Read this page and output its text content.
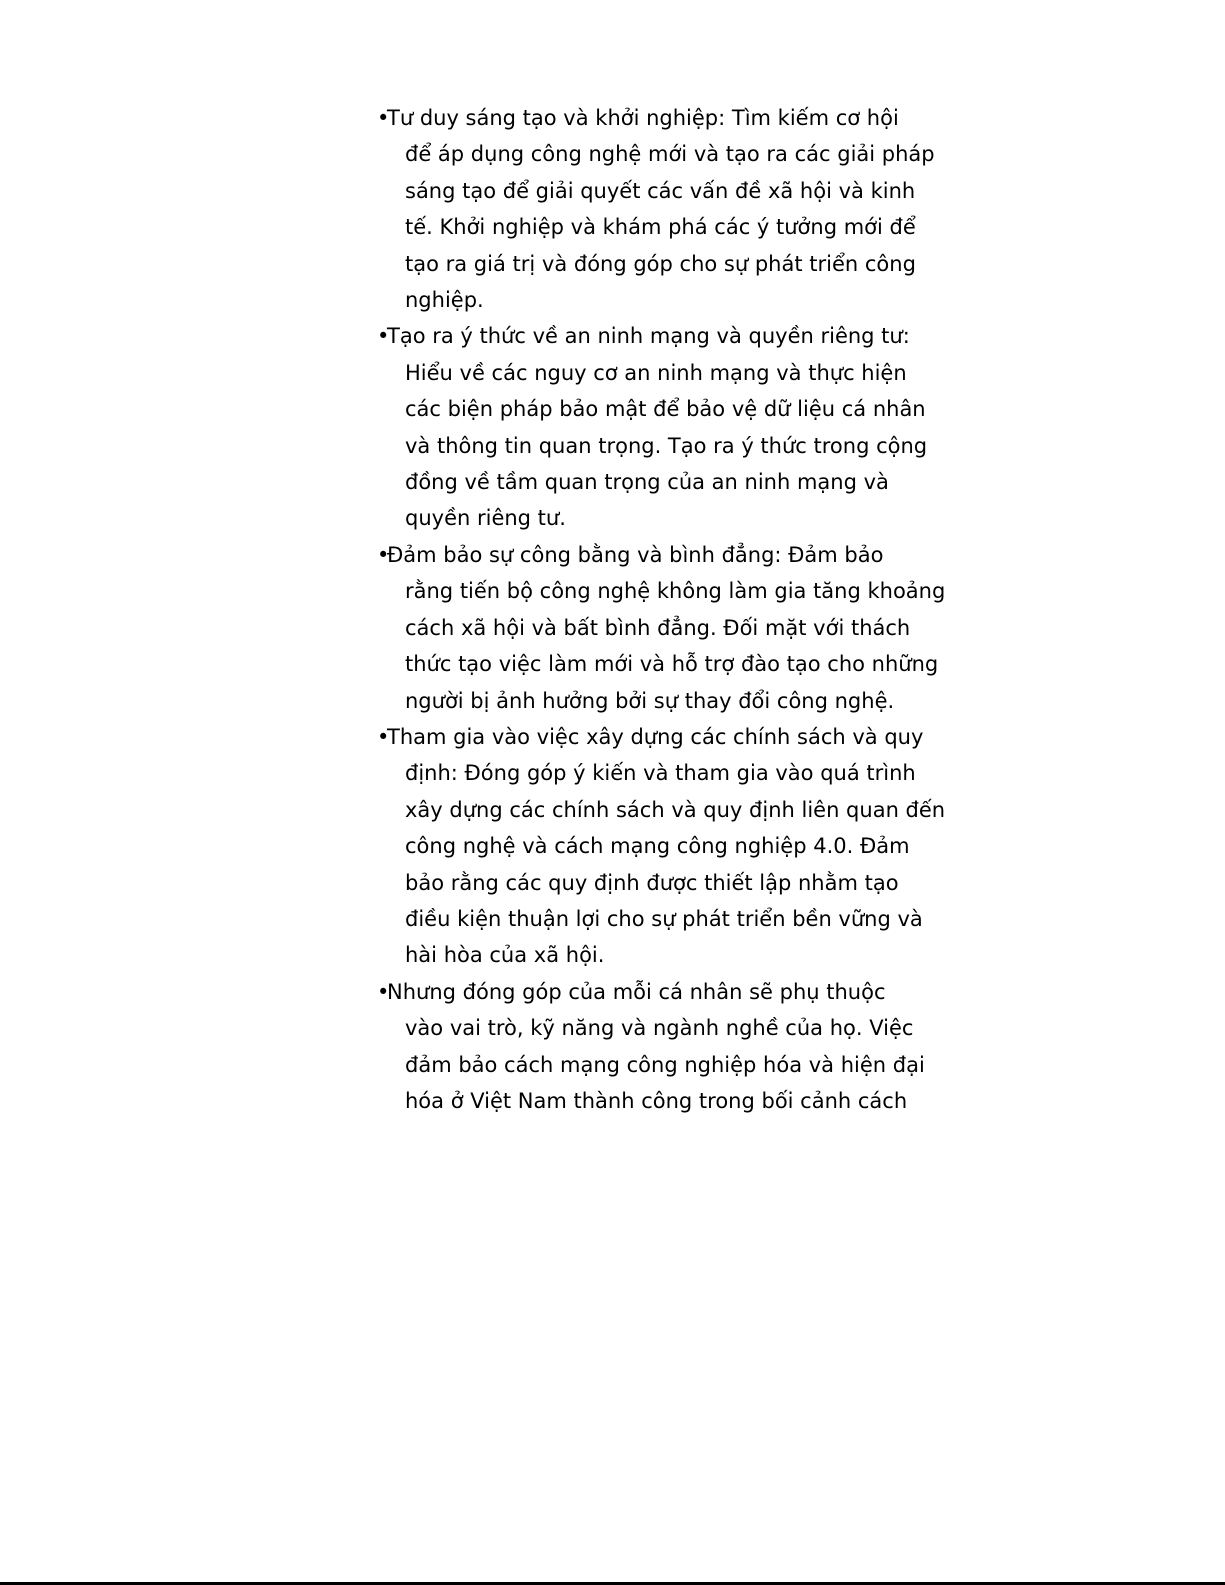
•
Tư duy sáng tạo và khởi nghiệp: Tìm kiếm cơ hội
để áp dụng công nghệ mới và tạo ra các giải pháp
sáng tạo để giải quyết các vấn đề xã hội và kinh
tế. Khởi nghiệp và khám phá các ý tưởng mới để
tạo ra giá trị và đóng góp cho sự phát triển công
nghiệp.
•
Tạo ra ý thức về an ninh mạng và quyền riêng tư:
Hiểu về các nguy cơ an ninh mạng và thực hiện
các biện pháp bảo mật để bảo vệ dữ liệu cá nhân
và thông tin quan trọng. Tạo ra ý thức trong cộng
đồng về tầm quan trọng của an ninh mạng và
quyền riêng tư.
•
Đảm bảo sự công bằng và bình đẳng: Đảm bảo
rằng tiến bộ công nghệ không làm gia tăng khoảng
cách xã hội và bất bình đẳng. Đối mặt với thách
thức tạo việc làm mới và hỗ trợ đào tạo cho những
người bị ảnh hưởng bởi sự thay đổi công nghệ.
•
Tham gia vào việc xây dựng các chính sách và quy
định: Đóng góp ý kiến và tham gia vào quá trình
xây dựng các chính sách và quy định liên quan đến
công nghệ và cách mạng công nghiệp 4.0. Đảm
bảo rằng các quy định được thiết lập nhằm tạo
điều kiện thuận lợi cho sự phát triển bền vững và
hài hòa của xã hội.
•
Nhưng đóng góp của mỗi cá nhân sẽ phụ thuộc
vào vai trò, kỹ năng và ngành nghề của họ. Việc
đảm bảo cách mạng công nghiệp hóa và hiện đại
hóa ở Việt Nam thành công trong bối cảnh cách
